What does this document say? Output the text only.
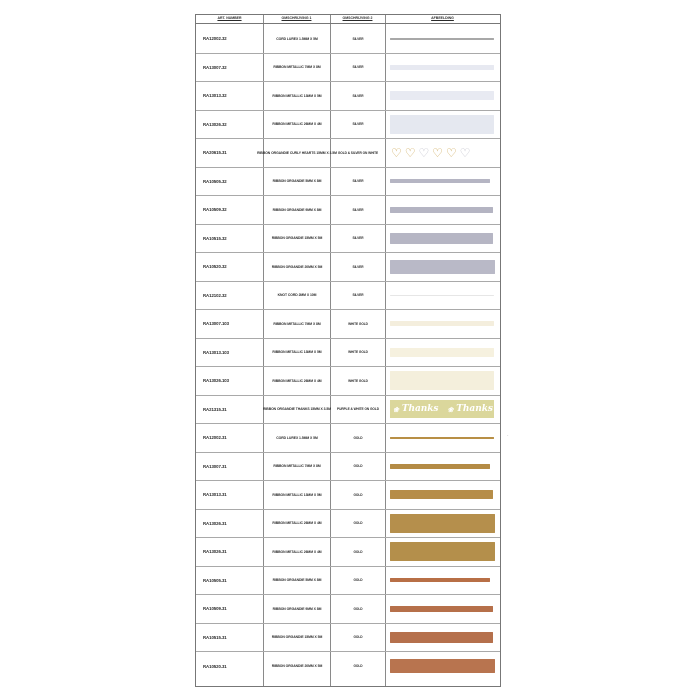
ART. NUMBER	OMSCHRIJVING 1	OMSCHRIJVING 2	AFBEELDING
RA12002.32	CORD LUREX 1.5MM X 5M	SILVER
RA13007.32	RIBBON METALLIC 7MM X 8M	SILVER
RA13013.32	RIBBON METALLIC 13MM X 5M	SILVER
RA13026.32	RIBBON METALLIC 26MM X 4M	SILVER
RA20615.31	RIBBON ORGANDIE CURLY HEARTS 15MM X 3.5M GOLD & SILVER ON WHITE	♡ ♡ ♡ ♡ ♡ ♡
RA10505.32	RIBBON ORGANDIE 5MM X 8M	SILVER
RA10509.32	RIBBON ORGANDIE 9MM X 8M	SILVER
RA10515.32	RIBBON ORGANDIE 15MM X 5M	SILVER
RA10520.32	RIBBON ORGANDIE 20MM X 5M	SILVER
RA12102.32	KNOT CORD 2MM X 10M	SILVER
RA13007.103	RIBBON METALLIC 7MM X 8M	WHITE GOLD
RA13013.103	RIBBON METALLIC 13MM X 5M	WHITE GOLD
RA13026.103	RIBBON METALLIC 26MM X 4M	WHITE GOLD
RA21315.31	RIBBON ORGANDIE THANKS 15MM X 3.5M	PURPLE & WHITE ON GOLD	❀ Thanks ❀ Thanks
RA12002.31	CORD LUREX 1.5MM X 5M	GOLD
RA13007.31	RIBBON METALLIC 7MM X 8M	GOLD
RA13013.31	RIBBON METALLIC 13MM X 5M	GOLD
RA13026.31	RIBBON METALLIC 26MM X 4M	GOLD
RA13026.31	RIBBON METALLIC 26MM X 4M	GOLD
RA10505.31	RIBBON ORGANDIE 5MM X 8M	GOLD
RA10509.31	RIBBON ORGANDIE 9MM X 8M	GOLD
RA10515.31	RIBBON ORGANDIE 15MM X 5M	GOLD
RA10520.31	RIBBON ORGANDIE 20MM X 5M	GOLD
-
